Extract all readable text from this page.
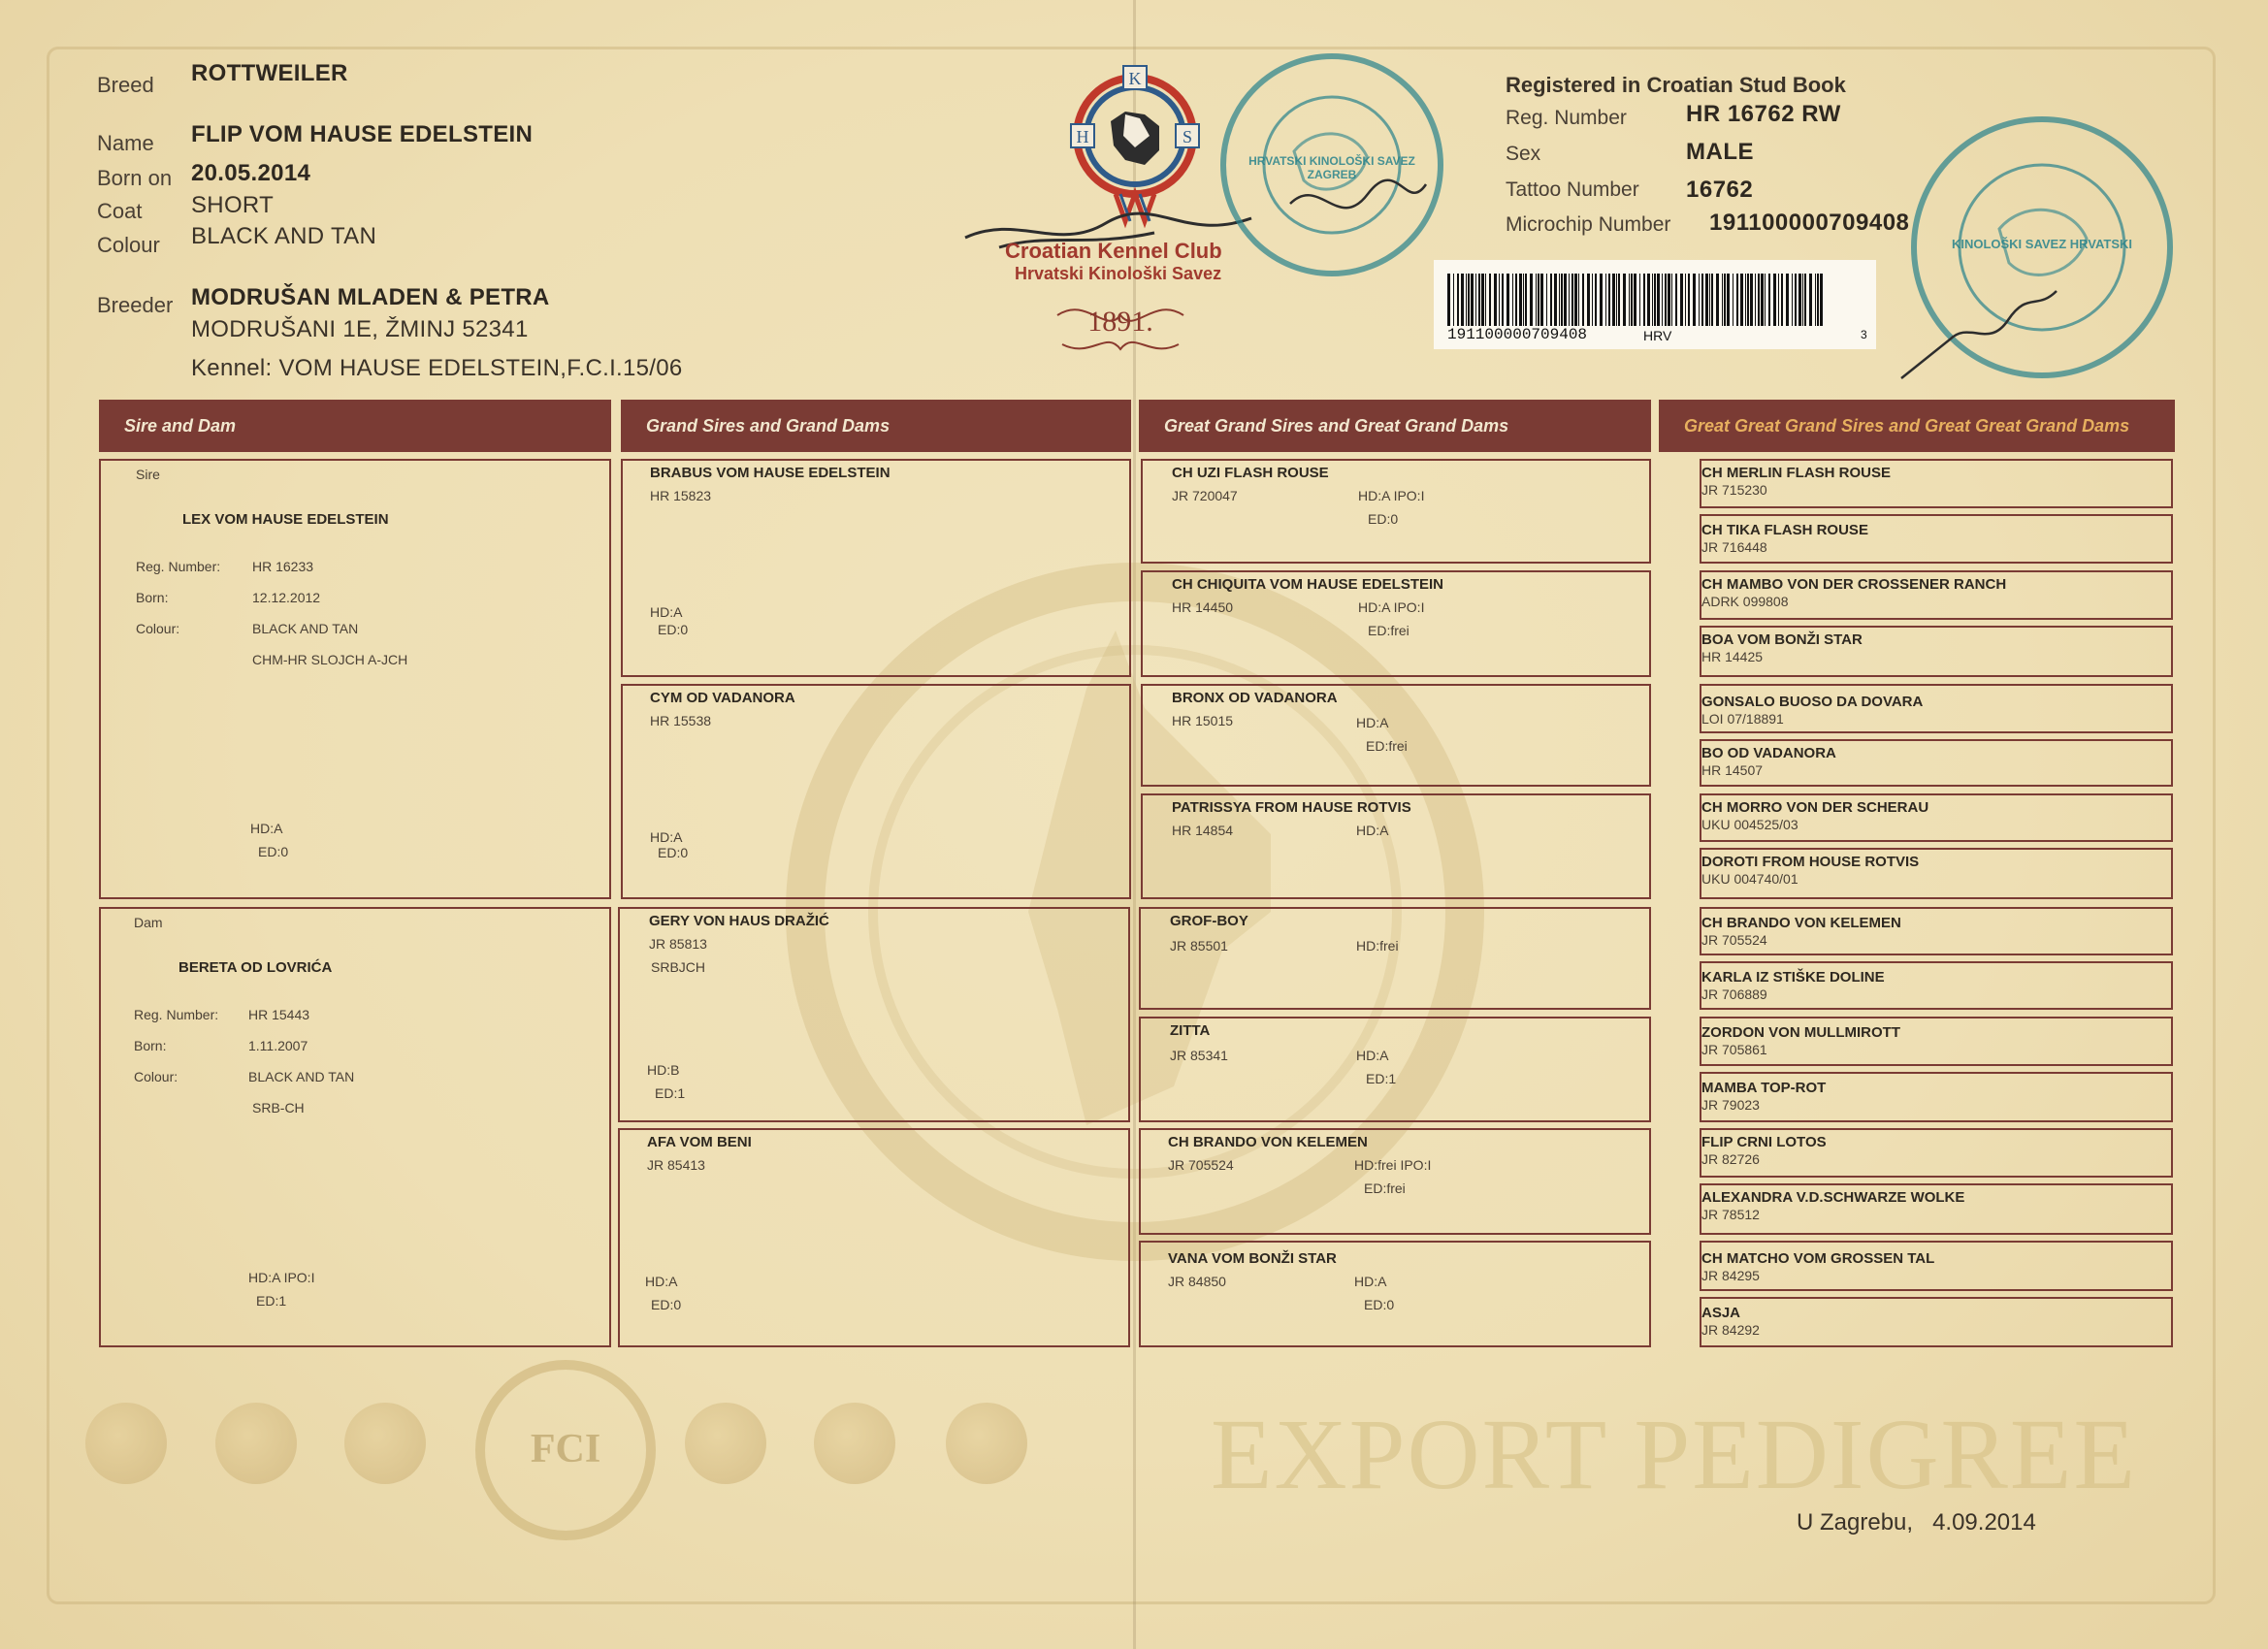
Breed ROTTWEILER
Name FLIP VOM HAUSE EDELSTEIN
Born on 20.05.2014
Coat SHORT
Colour BLACK AND TAN
Breeder MODRUŠAN MLADEN & PETRA
MODRUŠANI 1E, ŽMINJ 52341
Kennel: VOM HAUSE EDELSTEIN,F.C.I.15/06
K
H	S
Croatian Kennel Club
Hrvatski Kinološki Savez
1891.
HRVATSKI KINOLOŠKI SAVEZ ZAGREB
Registered in Croatian Stud Book
Reg. Number	HR 16762 RW
Sex	MALE
Tattoo Number 16762
Microchip Number 191100000709408
191100000709408	HRV	3
KINOLOŠKI SAVEZ HRVATSKI
Sire and Dam	Grand Sires and Grand Dams	Great Grand Sires and Great Grand Dams	Great Great Grand Sires and Great Great Grand Dams
Sire
LEX VOM HAUSE EDELSTEIN
Reg. Number: HR 16233
Born:	12.12.2012
Colour:	BLACK AND TAN
CHM-HR SLOJCH A-JCH
HD:A
ED:0
Dam
BERETA OD LOVRIĆA
Reg. Number: HR 15443
Born:	1.11.2007
Colour:	BLACK AND TAN
SRB-CH
HD:A IPO:I
ED:1
BRABUS VOM HAUSE EDELSTEIN
HR 15823
HD:A
ED:0
CYM OD VADANORA
HR 15538
HD:A
ED:0
GERY VON HAUS DRAŽIĆ
JR 85813
SRBJCH
HD:B
ED:1
AFA VOM BENI
JR 85413
HD:A
ED:0
CH UZI FLASH ROUSE
JR 720047	HD:A IPO:I
ED:0
CH CHIQUITA VOM HAUSE EDELSTEIN
HR 14450	HD:A IPO:I
ED:frei
BRONX OD VADANORA
HR 15015	HD:A
ED:frei
PATRISSYA FROM HAUSE ROTVIS
HR 14854	HD:A
GROF-BOY
JR 85501	HD:frei
ZITTA
JR 85341	HD:A
ED:1
CH BRANDO VON KELEMEN
JR 705524	HD:frei IPO:I
ED:frei
VANA VOM BONŽI STAR
JR 84850	HD:A
ED:0
CH MERLIN FLASH ROUSE
JR 715230
CH TIKA FLASH ROUSE
JR 716448
CH MAMBO VON DER CROSSENER RANCH
ADRK 099808
BOA VOM BONŽI STAR
HR 14425
GONSALO BUOSO DA DOVARA
LOI 07/18891
BO OD VADANORA
HR 14507
CH MORRO VON DER SCHERAU
UKU 004525/03
DOROTI FROM HOUSE ROTVIS
UKU 004740/01
CH BRANDO VON KELEMEN
JR 705524
KARLA IZ STIŠKE DOLINE
JR 706889
ZORDON VON MULLMIROTT
JR 705861
MAMBA TOP-ROT
JR 79023
FLIP CRNI LOTOS
JR 82726
ALEXANDRA V.D.SCHWARZE WOLKE
JR 78512
CH MATCHO VOM GROSSEN TAL
JR 84295
ASJA
JR 84292
FCI	EXPORT PEDIGREE
U Zagrebu,   4.09.2014
